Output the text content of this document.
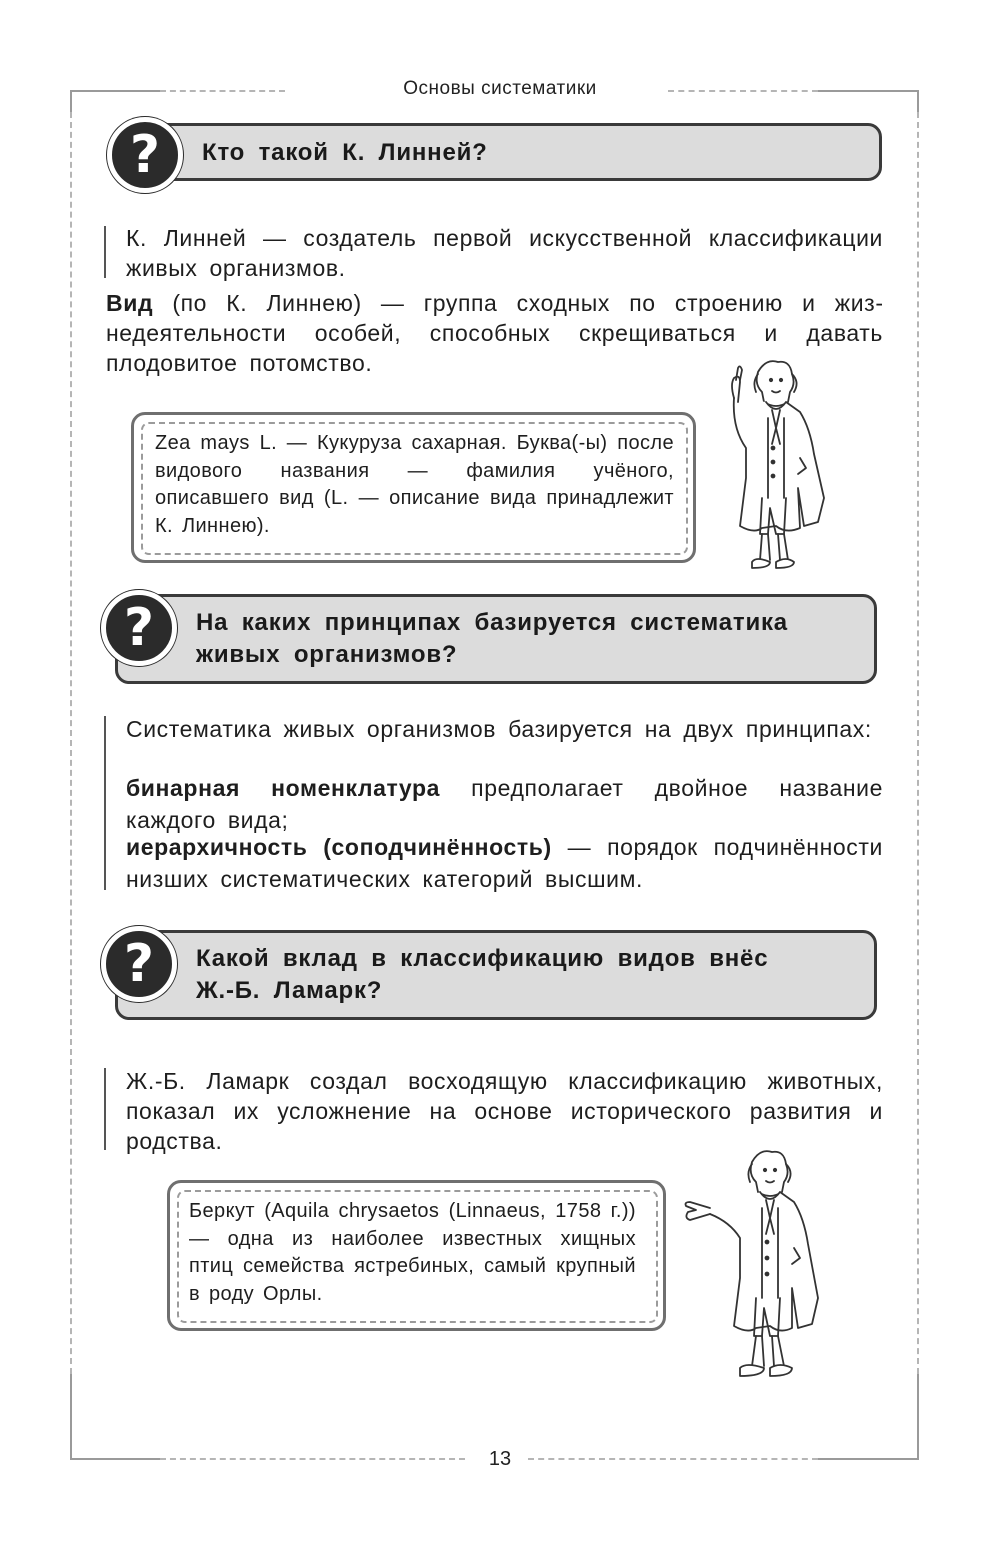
Основы систематики
?	Кто такой К. Линней?
К. Линней — создатель первой искусственной классификации живых организмов.
Вид (по К. Линнею) — группа сходных по строению и жизнедеятельности особей, способных скрещиваться и давать плодовитое потомство.
Zea mays L. — Кукуруза сахарная. Буква(-ы) после видового названия — фамилия учёного, описавшего вид (L. — описание вида принадлежит К. Линнею).
?	На каких принципах базируется систематика живых организмов?
Систематика живых организмов базируется на двух принципах:
бинарная номенклатура предполагает двойное название каждого вида;
иерархичность (соподчинённость) — порядок подчинённости низших систематических категорий высшим.
?	Какой вклад в классификацию видов внёс Ж.-Б. Ламарк?
Ж.-Б. Ламарк создал восходящую классификацию животных, показал их усложнение на основе исторического развития и родства.
Беркут (Aquila chrysaetos (Linnaeus, 1758 г.)) — одна из наиболее известных хищных птиц семейства ястребиных, самый крупный в роду Орлы.
13
